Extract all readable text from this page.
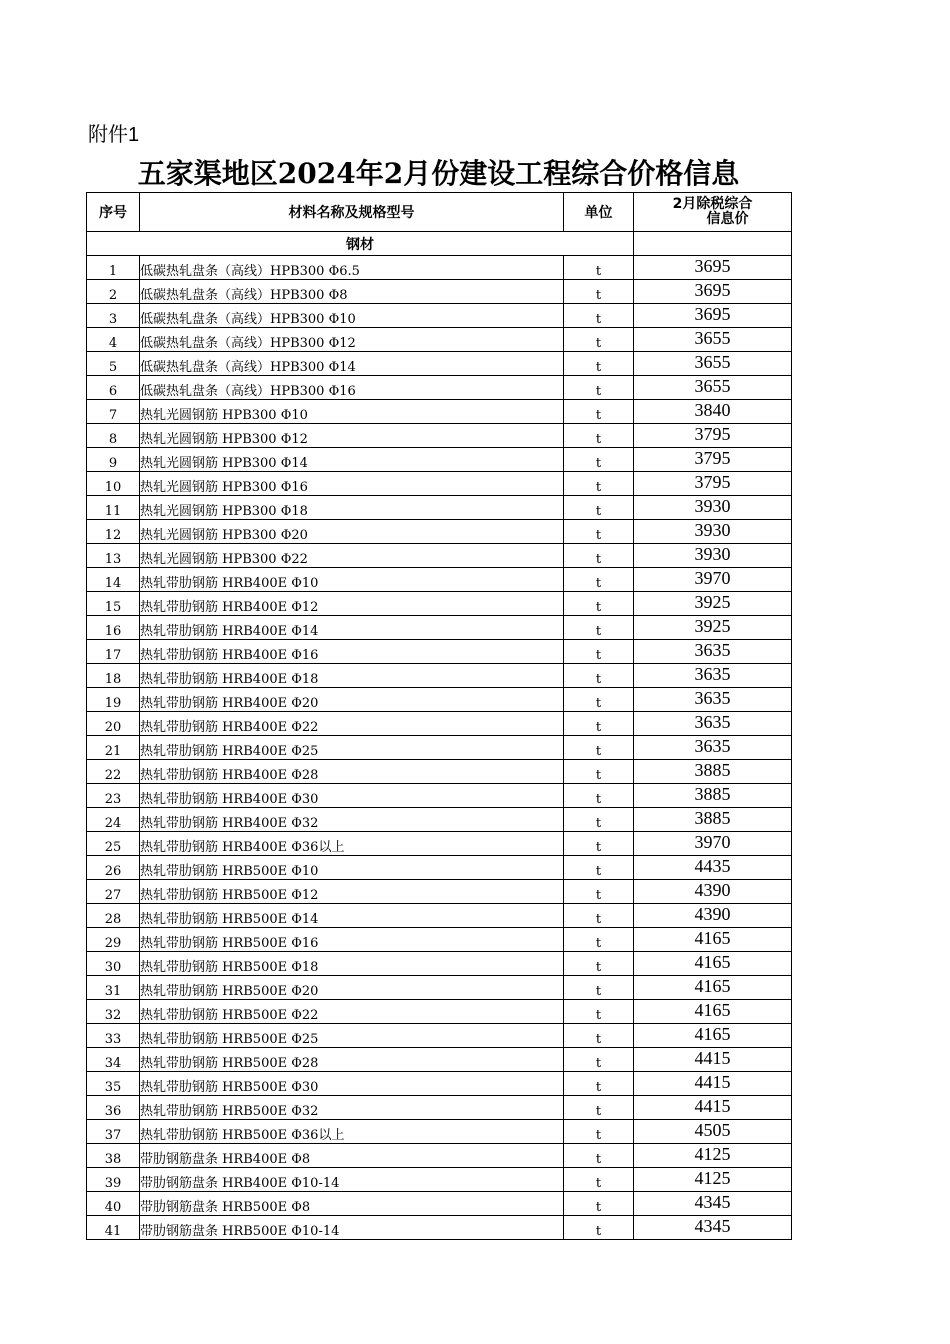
附件1
五家渠地区2024年2月份建设工程综合价格信息
序号	材料名称及规格型号	单位	2月除税综合
信息价

钢材			
1	低碳热轧盘条（高线）HPB300 Φ6.5	t	3695
2	低碳热轧盘条（高线）HPB300 Φ8	t	3695
3	低碳热轧盘条（高线）HPB300 Φ10	t	3695
4	低碳热轧盘条（高线）HPB300 Φ12	t	3655
5	低碳热轧盘条（高线）HPB300 Φ14	t	3655
6	低碳热轧盘条（高线）HPB300 Φ16	t	3655
7	热轧光圆钢筋 HPB300 Φ10	t	3840
8	热轧光圆钢筋 HPB300 Φ12	t	3795
9	热轧光圆钢筋 HPB300 Φ14	t	3795
10	热轧光圆钢筋 HPB300 Φ16	t	3795
11	热轧光圆钢筋 HPB300 Φ18	t	3930
12	热轧光圆钢筋 HPB300 Φ20	t	3930
13	热轧光圆钢筋 HPB300 Φ22	t	3930
14	热轧带肋钢筋 HRB400E Φ10	t	3970
15	热轧带肋钢筋 HRB400E Φ12	t	3925
16	热轧带肋钢筋 HRB400E Φ14	t	3925
17	热轧带肋钢筋 HRB400E Φ16	t	3635
18	热轧带肋钢筋 HRB400E Φ18	t	3635
19	热轧带肋钢筋 HRB400E Φ20	t	3635
20	热轧带肋钢筋 HRB400E Φ22	t	3635
21	热轧带肋钢筋 HRB400E Φ25	t	3635
22	热轧带肋钢筋 HRB400E Φ28	t	3885
23	热轧带肋钢筋 HRB400E Φ30	t	3885
24	热轧带肋钢筋 HRB400E Φ32	t	3885
25	热轧带肋钢筋 HRB400E Φ36以上	t	3970
26	热轧带肋钢筋 HRB500E Φ10	t	4435
27	热轧带肋钢筋 HRB500E Φ12	t	4390
28	热轧带肋钢筋 HRB500E Φ14	t	4390
29	热轧带肋钢筋 HRB500E Φ16	t	4165
30	热轧带肋钢筋 HRB500E Φ18	t	4165
31	热轧带肋钢筋 HRB500E Φ20	t	4165
32	热轧带肋钢筋 HRB500E Φ22	t	4165
33	热轧带肋钢筋 HRB500E Φ25	t	4165
34	热轧带肋钢筋 HRB500E Φ28	t	4415
35	热轧带肋钢筋 HRB500E Φ30	t	4415
36	热轧带肋钢筋 HRB500E Φ32	t	4415
37	热轧带肋钢筋 HRB500E Φ36以上	t	4505
38	带肋钢筋盘条 HRB400E Φ8	t	4125
39	带肋钢筋盘条 HRB400E Φ10-14	t	4125
40	带肋钢筋盘条 HRB500E Φ8	t	4345
41	带肋钢筋盘条 HRB500E Φ10-14	t	4345
